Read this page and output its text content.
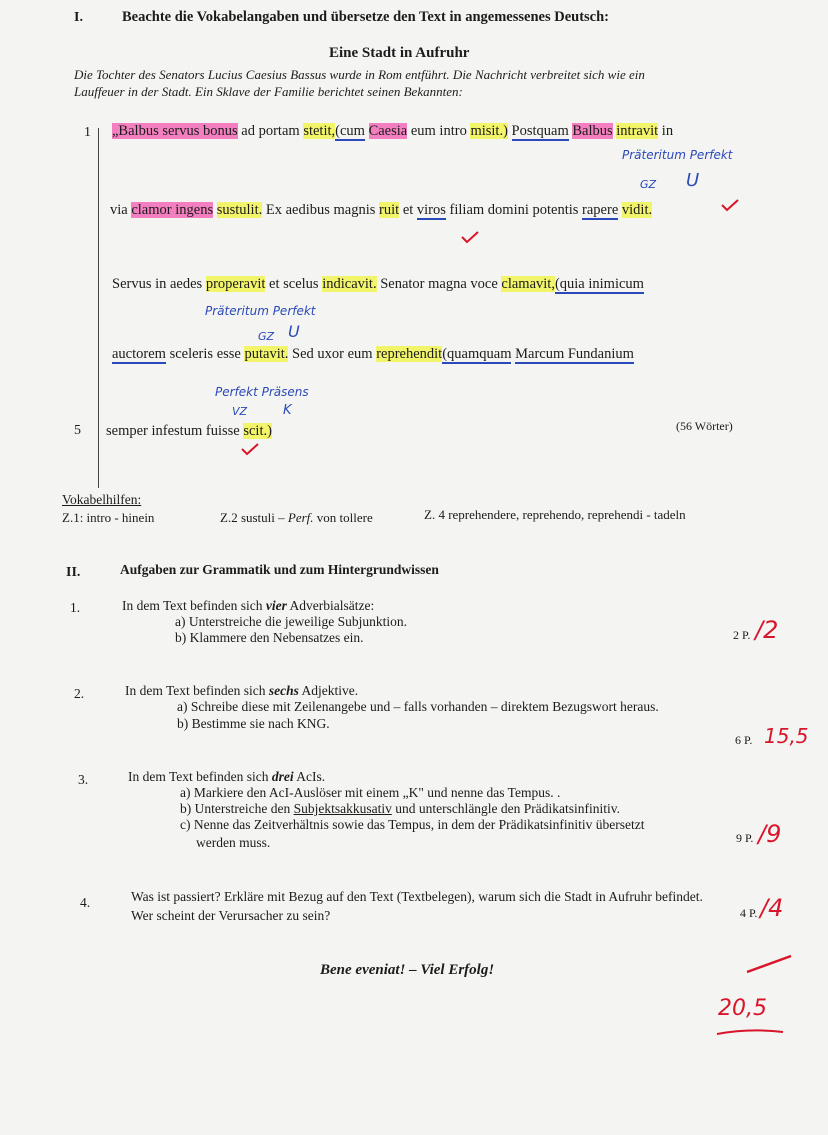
I.	Beachte die Vokabelangaben und übersetze den Text in angemessenes Deutsch:
Eine Stadt in Aufruhr
Die Tochter des Senators Lucius Caesius Bassus wurde in Rom entführt. Die Nachricht verbreitet sich wie ein
Lauffeuer in der Stadt. Ein Sklave der Familie berichtet seinen Bekannten:
1
5
„Balbus servus bonus ad portam stetit,(cum Caesia eum intro misit.) Postquam Balbus intravit in
Präteritum Perfekt
GZ U
via clamor ingens sustulit. Ex aedibus magnis ruit et viros filiam domini potentis rapere vidit.
Servus in aedes properavit et scelus indicavit. Senator magna voce clamavit,(quia inimicum
Präteritum Perfekt
auctorem sceleris esse putavit. Sed uxor eum reprehendit(quamquam Marcum Fundanium
GZ U
Perfekt Präsens
VZ	K
semper infestum fuisse scit.)	(56 Wörter)
Vokabelhilfen:
Z.1: intro - hinein	Z.2 sustuli – Perf. von tollere	Z. 4 reprehendere, reprehendo, reprehendi - tadeln
II.	Aufgaben zur Grammatik und zum Hintergrundwissen
1.	In dem Text befinden sich vier Adverbialsätze:
a) Unterstreiche die jeweilige Subjunktion.
b) Klammere den Nebensatzes ein.	2 P. /2
2.	In dem Text befinden sich sechs Adjektive.
a) Schreibe diese mit Zeilenangebe und – falls vorhanden – direktem Bezugswort heraus.
b) Bestimme sie nach KNG.
6 P. 15,5
3.	In dem Text befinden sich drei AcIs.
a) Markiere den AcI-Auslöser mit einem „K" und nenne das Tempus. .
b) Unterstreiche den Subjektsakkusativ und unterschlängle den Prädikatsinfinitiv.
c) Nenne das Zeitverhältnis sowie das Tempus, in dem der Prädikatsinfinitiv übersetzt
werden muss.	9 P. /9
4.	Was ist passiert? Erkläre mit Bezug auf den Text (Textbelegen), warum sich die Stadt in Aufruhr befindet.
Wer scheint der Verursacher zu sein?	4 P. /4
Bene eveniat! – Viel Erfolg!
20,5
